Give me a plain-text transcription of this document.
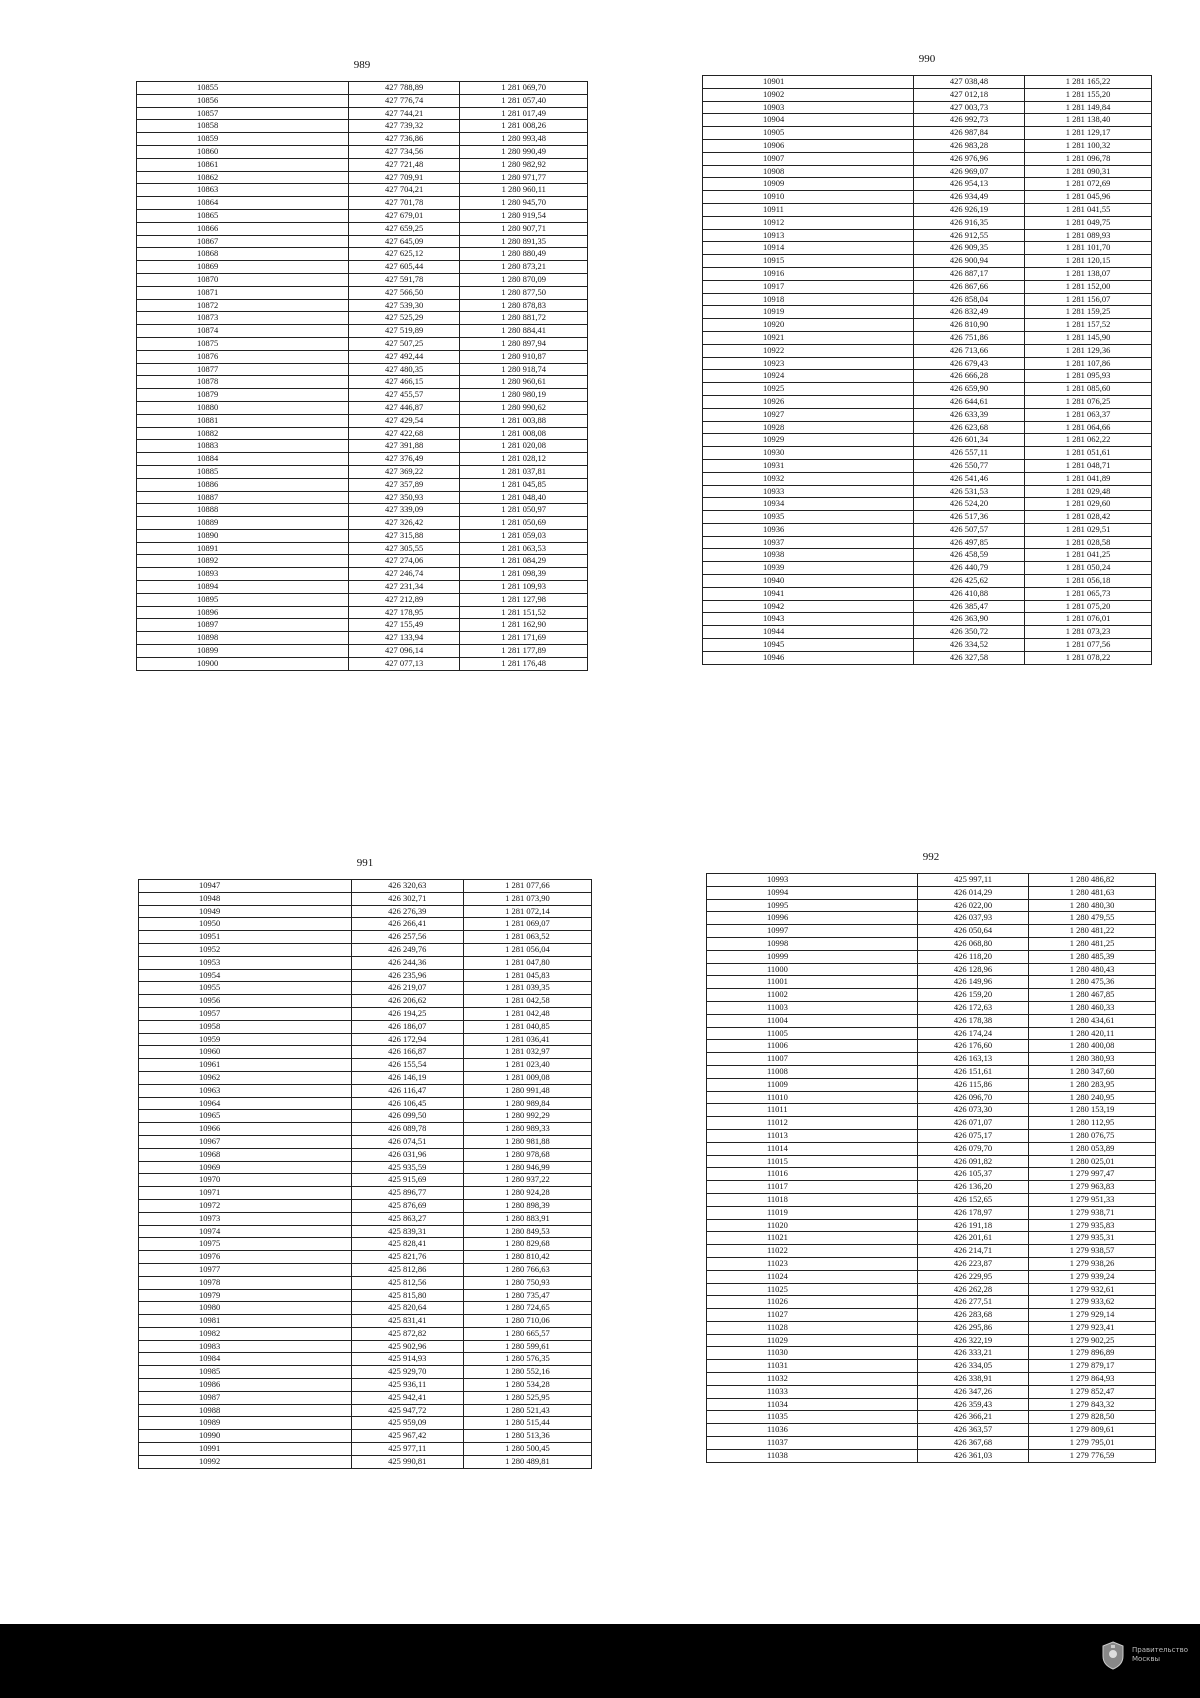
989
10855	427 788,89	1 281 069,70
10856	427 776,74	1 281 057,40
10857	427 744,21	1 281 017,49
10858	427 739,32	1 281 008,26
10859	427 736,86	1 280 993,48
10860	427 734,56	1 280 990,49
10861	427 721,48	1 280 982,92
10862	427 709,91	1 280 971,77
10863	427 704,21	1 280 960,11
10864	427 701,78	1 280 945,70
10865	427 679,01	1 280 919,54
10866	427 659,25	1 280 907,71
10867	427 645,09	1 280 891,35
10868	427 625,12	1 280 880,49
10869	427 605,44	1 280 873,21
10870	427 591,78	1 280 870,09
10871	427 566,50	1 280 877,50
10872	427 539,30	1 280 878,83
10873	427 525,29	1 280 881,72
10874	427 519,89	1 280 884,41
10875	427 507,25	1 280 897,94
10876	427 492,44	1 280 910,87
10877	427 480,35	1 280 918,74
10878	427 466,15	1 280 960,61
10879	427 455,57	1 280 980,19
10880	427 446,87	1 280 990,62
10881	427 429,54	1 281 003,88
10882	427 422,68	1 281 008,08
10883	427 391,88	1 281 020,08
10884	427 376,49	1 281 028,12
10885	427 369,22	1 281 037,81
10886	427 357,89	1 281 045,85
10887	427 350,93	1 281 048,40
10888	427 339,09	1 281 050,97
10889	427 326,42	1 281 050,69
10890	427 315,88	1 281 059,03
10891	427 305,55	1 281 063,53
10892	427 274,06	1 281 084,29
10893	427 246,74	1 281 098,39
10894	427 231,34	1 281 109,93
10895	427 212,89	1 281 127,98
10896	427 178,95	1 281 151,52
10897	427 155,49	1 281 162,90
10898	427 133,94	1 281 171,69
10899	427 096,14	1 281 177,89
10900	427 077,13	1 281 176,48
990
10901	427 038,48	1 281 165,22
10902	427 012,18	1 281 155,20
10903	427 003,73	1 281 149,84
10904	426 992,73	1 281 138,40
10905	426 987,84	1 281 129,17
10906	426 983,28	1 281 100,32
10907	426 976,96	1 281 096,78
10908	426 969,07	1 281 090,31
10909	426 954,13	1 281 072,69
10910	426 934,49	1 281 045,96
10911	426 926,19	1 281 041,55
10912	426 916,35	1 281 049,75
10913	426 912,55	1 281 089,93
10914	426 909,35	1 281 101,70
10915	426 900,94	1 281 120,15
10916	426 887,17	1 281 138,07
10917	426 867,66	1 281 152,00
10918	426 858,04	1 281 156,07
10919	426 832,49	1 281 159,25
10920	426 810,90	1 281 157,52
10921	426 751,86	1 281 145,90
10922	426 713,66	1 281 129,36
10923	426 679,43	1 281 107,86
10924	426 666,28	1 281 095,93
10925	426 659,90	1 281 085,60
10926	426 644,61	1 281 076,25
10927	426 633,39	1 281 063,37
10928	426 623,68	1 281 064,66
10929	426 601,34	1 281 062,22
10930	426 557,11	1 281 051,61
10931	426 550,77	1 281 048,71
10932	426 541,46	1 281 041,89
10933	426 531,53	1 281 029,48
10934	426 524,20	1 281 029,60
10935	426 517,36	1 281 028,42
10936	426 507,57	1 281 029,51
10937	426 497,85	1 281 028,58
10938	426 458,59	1 281 041,25
10939	426 440,79	1 281 050,24
10940	426 425,62	1 281 056,18
10941	426 410,88	1 281 065,73
10942	426 385,47	1 281 075,20
10943	426 363,90	1 281 076,01
10944	426 350,72	1 281 073,23
10945	426 334,52	1 281 077,56
10946	426 327,58	1 281 078,22
991
10947	426 320,63	1 281 077,66
10948	426 302,71	1 281 073,90
10949	426 276,39	1 281 072,14
10950	426 266,41	1 281 069,07
10951	426 257,56	1 281 063,52
10952	426 249,76	1 281 056,04
10953	426 244,36	1 281 047,80
10954	426 235,96	1 281 045,83
10955	426 219,07	1 281 039,35
10956	426 206,62	1 281 042,58
10957	426 194,25	1 281 042,48
10958	426 186,07	1 281 040,85
10959	426 172,94	1 281 036,41
10960	426 166,87	1 281 032,97
10961	426 155,54	1 281 023,40
10962	426 146,19	1 281 009,08
10963	426 116,47	1 280 991,48
10964	426 106,45	1 280 989,84
10965	426 099,50	1 280 992,29
10966	426 089,78	1 280 989,33
10967	426 074,51	1 280 981,88
10968	426 031,96	1 280 978,68
10969	425 935,59	1 280 946,99
10970	425 915,69	1 280 937,22
10971	425 896,77	1 280 924,28
10972	425 876,69	1 280 898,39
10973	425 863,27	1 280 883,91
10974	425 839,31	1 280 849,53
10975	425 828,41	1 280 829,68
10976	425 821,76	1 280 810,42
10977	425 812,86	1 280 766,63
10978	425 812,56	1 280 750,93
10979	425 815,80	1 280 735,47
10980	425 820,64	1 280 724,65
10981	425 831,41	1 280 710,06
10982	425 872,82	1 280 665,57
10983	425 902,96	1 280 599,61
10984	425 914,93	1 280 576,35
10985	425 929,70	1 280 552,16
10986	425 936,11	1 280 534,28
10987	425 942,41	1 280 525,95
10988	425 947,72	1 280 521,43
10989	425 959,09	1 280 515,44
10990	425 967,42	1 280 513,36
10991	425 977,11	1 280 500,45
10992	425 990,81	1 280 489,81
992
10993	425 997,11	1 280 486,82
10994	426 014,29	1 280 481,63
10995	426 022,00	1 280 480,30
10996	426 037,93	1 280 479,55
10997	426 050,64	1 280 481,22
10998	426 068,80	1 280 481,25
10999	426 118,20	1 280 485,39
11000	426 128,96	1 280 480,43
11001	426 149,96	1 280 475,36
11002	426 159,20	1 280 467,85
11003	426 172,63	1 280 460,33
11004	426 178,38	1 280 434,61
11005	426 174,24	1 280 420,11
11006	426 176,60	1 280 400,08
11007	426 163,13	1 280 380,93
11008	426 151,61	1 280 347,60
11009	426 115,86	1 280 283,95
11010	426 096,70	1 280 240,95
11011	426 073,30	1 280 153,19
11012	426 071,07	1 280 112,95
11013	426 075,17	1 280 076,75
11014	426 079,70	1 280 053,89
11015	426 091,82	1 280 025,01
11016	426 105,37	1 279 997,47
11017	426 136,20	1 279 963,83
11018	426 152,65	1 279 951,33
11019	426 178,97	1 279 938,71
11020	426 191,18	1 279 935,83
11021	426 201,61	1 279 935,31
11022	426 214,71	1 279 938,57
11023	426 223,87	1 279 938,26
11024	426 229,95	1 279 939,24
11025	426 262,28	1 279 932,61
11026	426 277,51	1 279 933,62
11027	426 283,68	1 279 929,14
11028	426 295,86	1 279 923,41
11029	426 322,19	1 279 902,25
11030	426 333,21	1 279 896,89
11031	426 334,05	1 279 879,17
11032	426 338,91	1 279 864,93
11033	426 347,26	1 279 852,47
11034	426 359,43	1 279 843,32
11035	426 366,21	1 279 828,50
11036	426 363,57	1 279 809,61
11037	426 367,68	1 279 795,01
11038	426 361,03	1 279 776,59
Правительство
Москвы
